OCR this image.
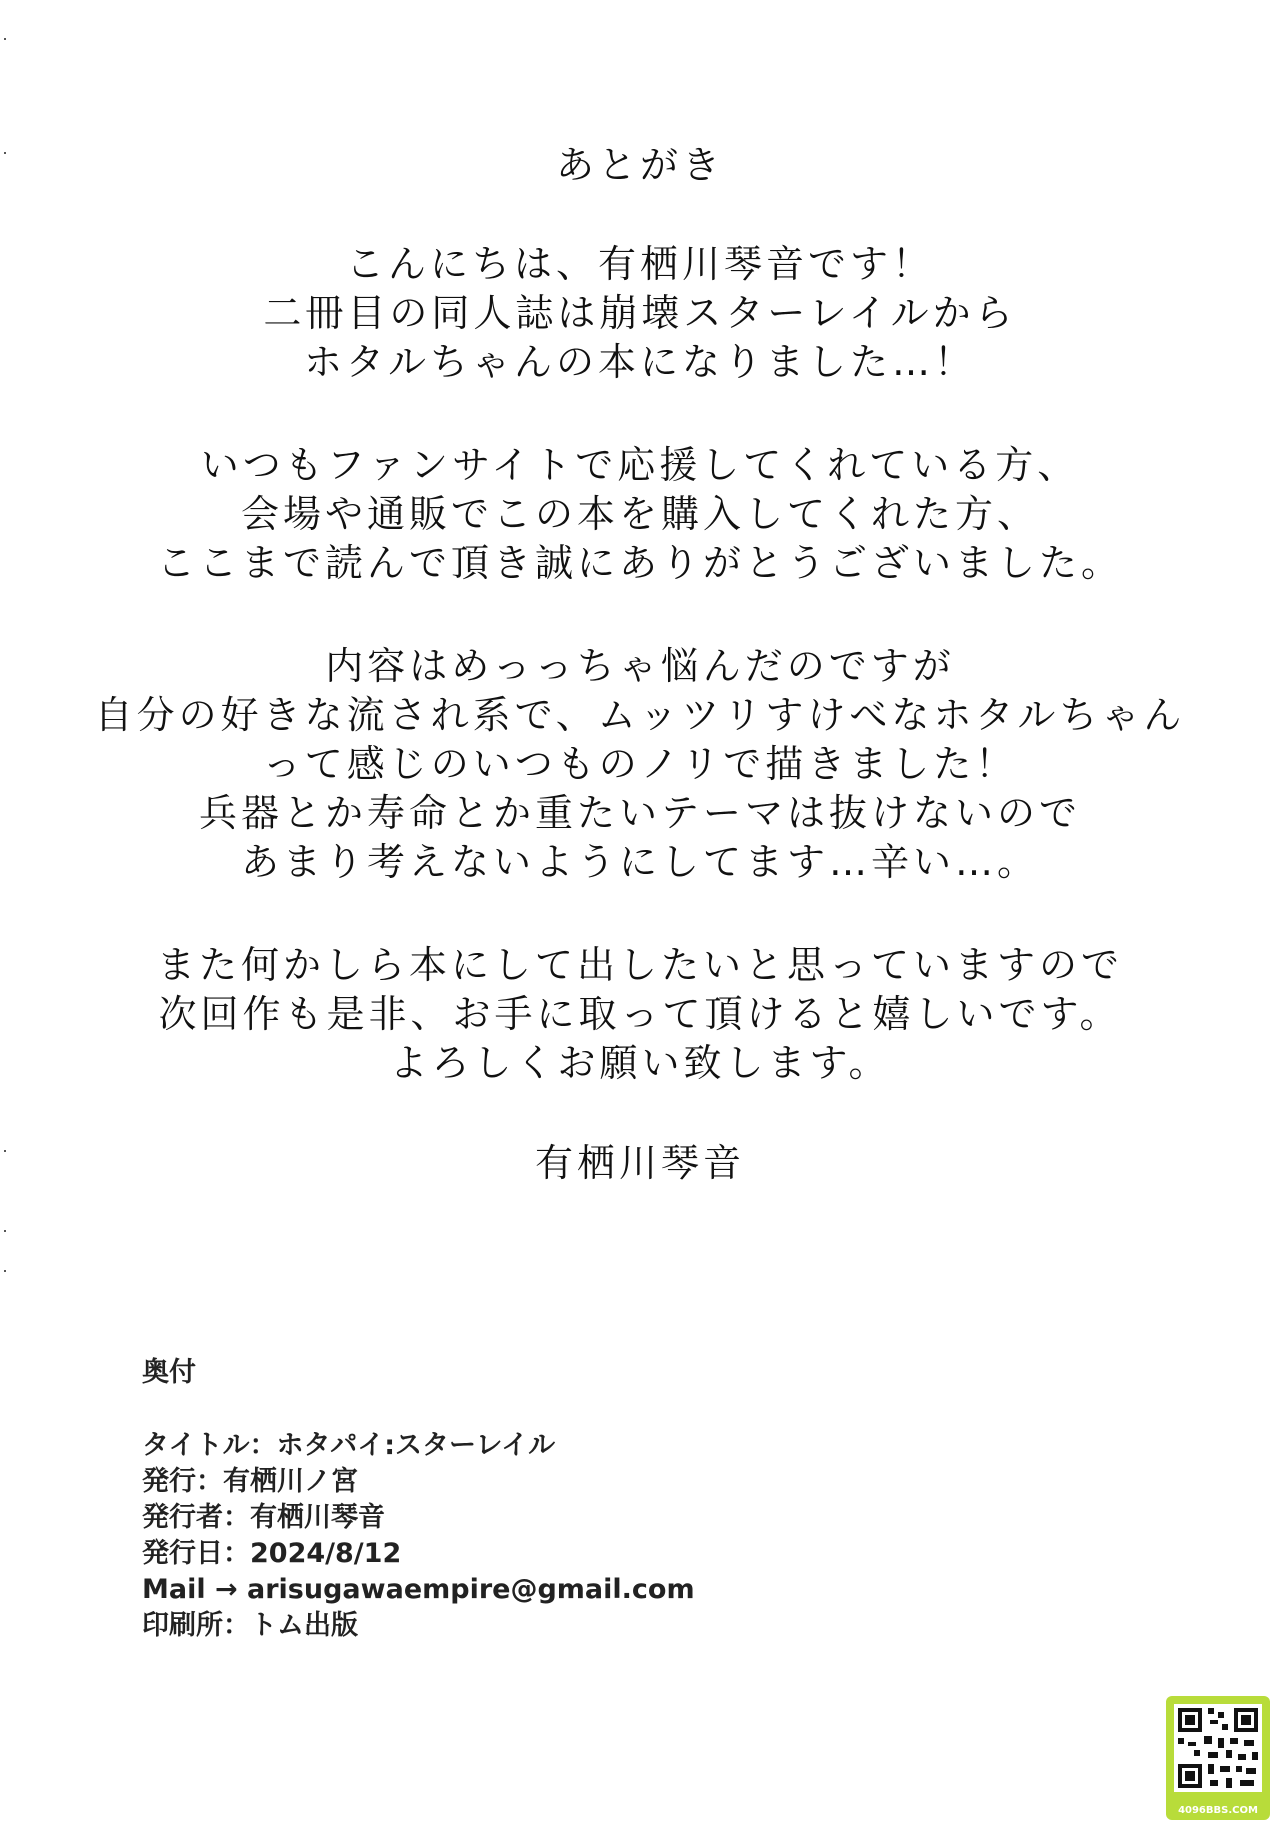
あとがき
こんにちは、有栖川琴音です！
二冊目の同人誌は崩壊スターレイルから
ホタルちゃんの本になりました…！
いつもファンサイトで応援してくれている方、
会場や通販でこの本を購入してくれた方、
ここまで読んで頂き誠にありがとうございました。
内容はめっっちゃ悩んだのですが
自分の好きな流され系で、ムッツリすけべなホタルちゃん
って感じのいつものノリで描きました！
兵器とか寿命とか重たいテーマは抜けないので
あまり考えないようにしてます…辛い…。
また何かしら本にして出したいと思っていますので
次回作も是非、お手に取って頂けると嬉しいです。
よろしくお願い致します。
有栖川琴音
奥付
タイトル：ホタパイ:スターレイル
発行：有栖川ノ宮
発行者：有栖川琴音
発行日：2024/8/12
Mail → arisugawaempire@gmail.com
印刷所：トム出版
4096BBS.COM
